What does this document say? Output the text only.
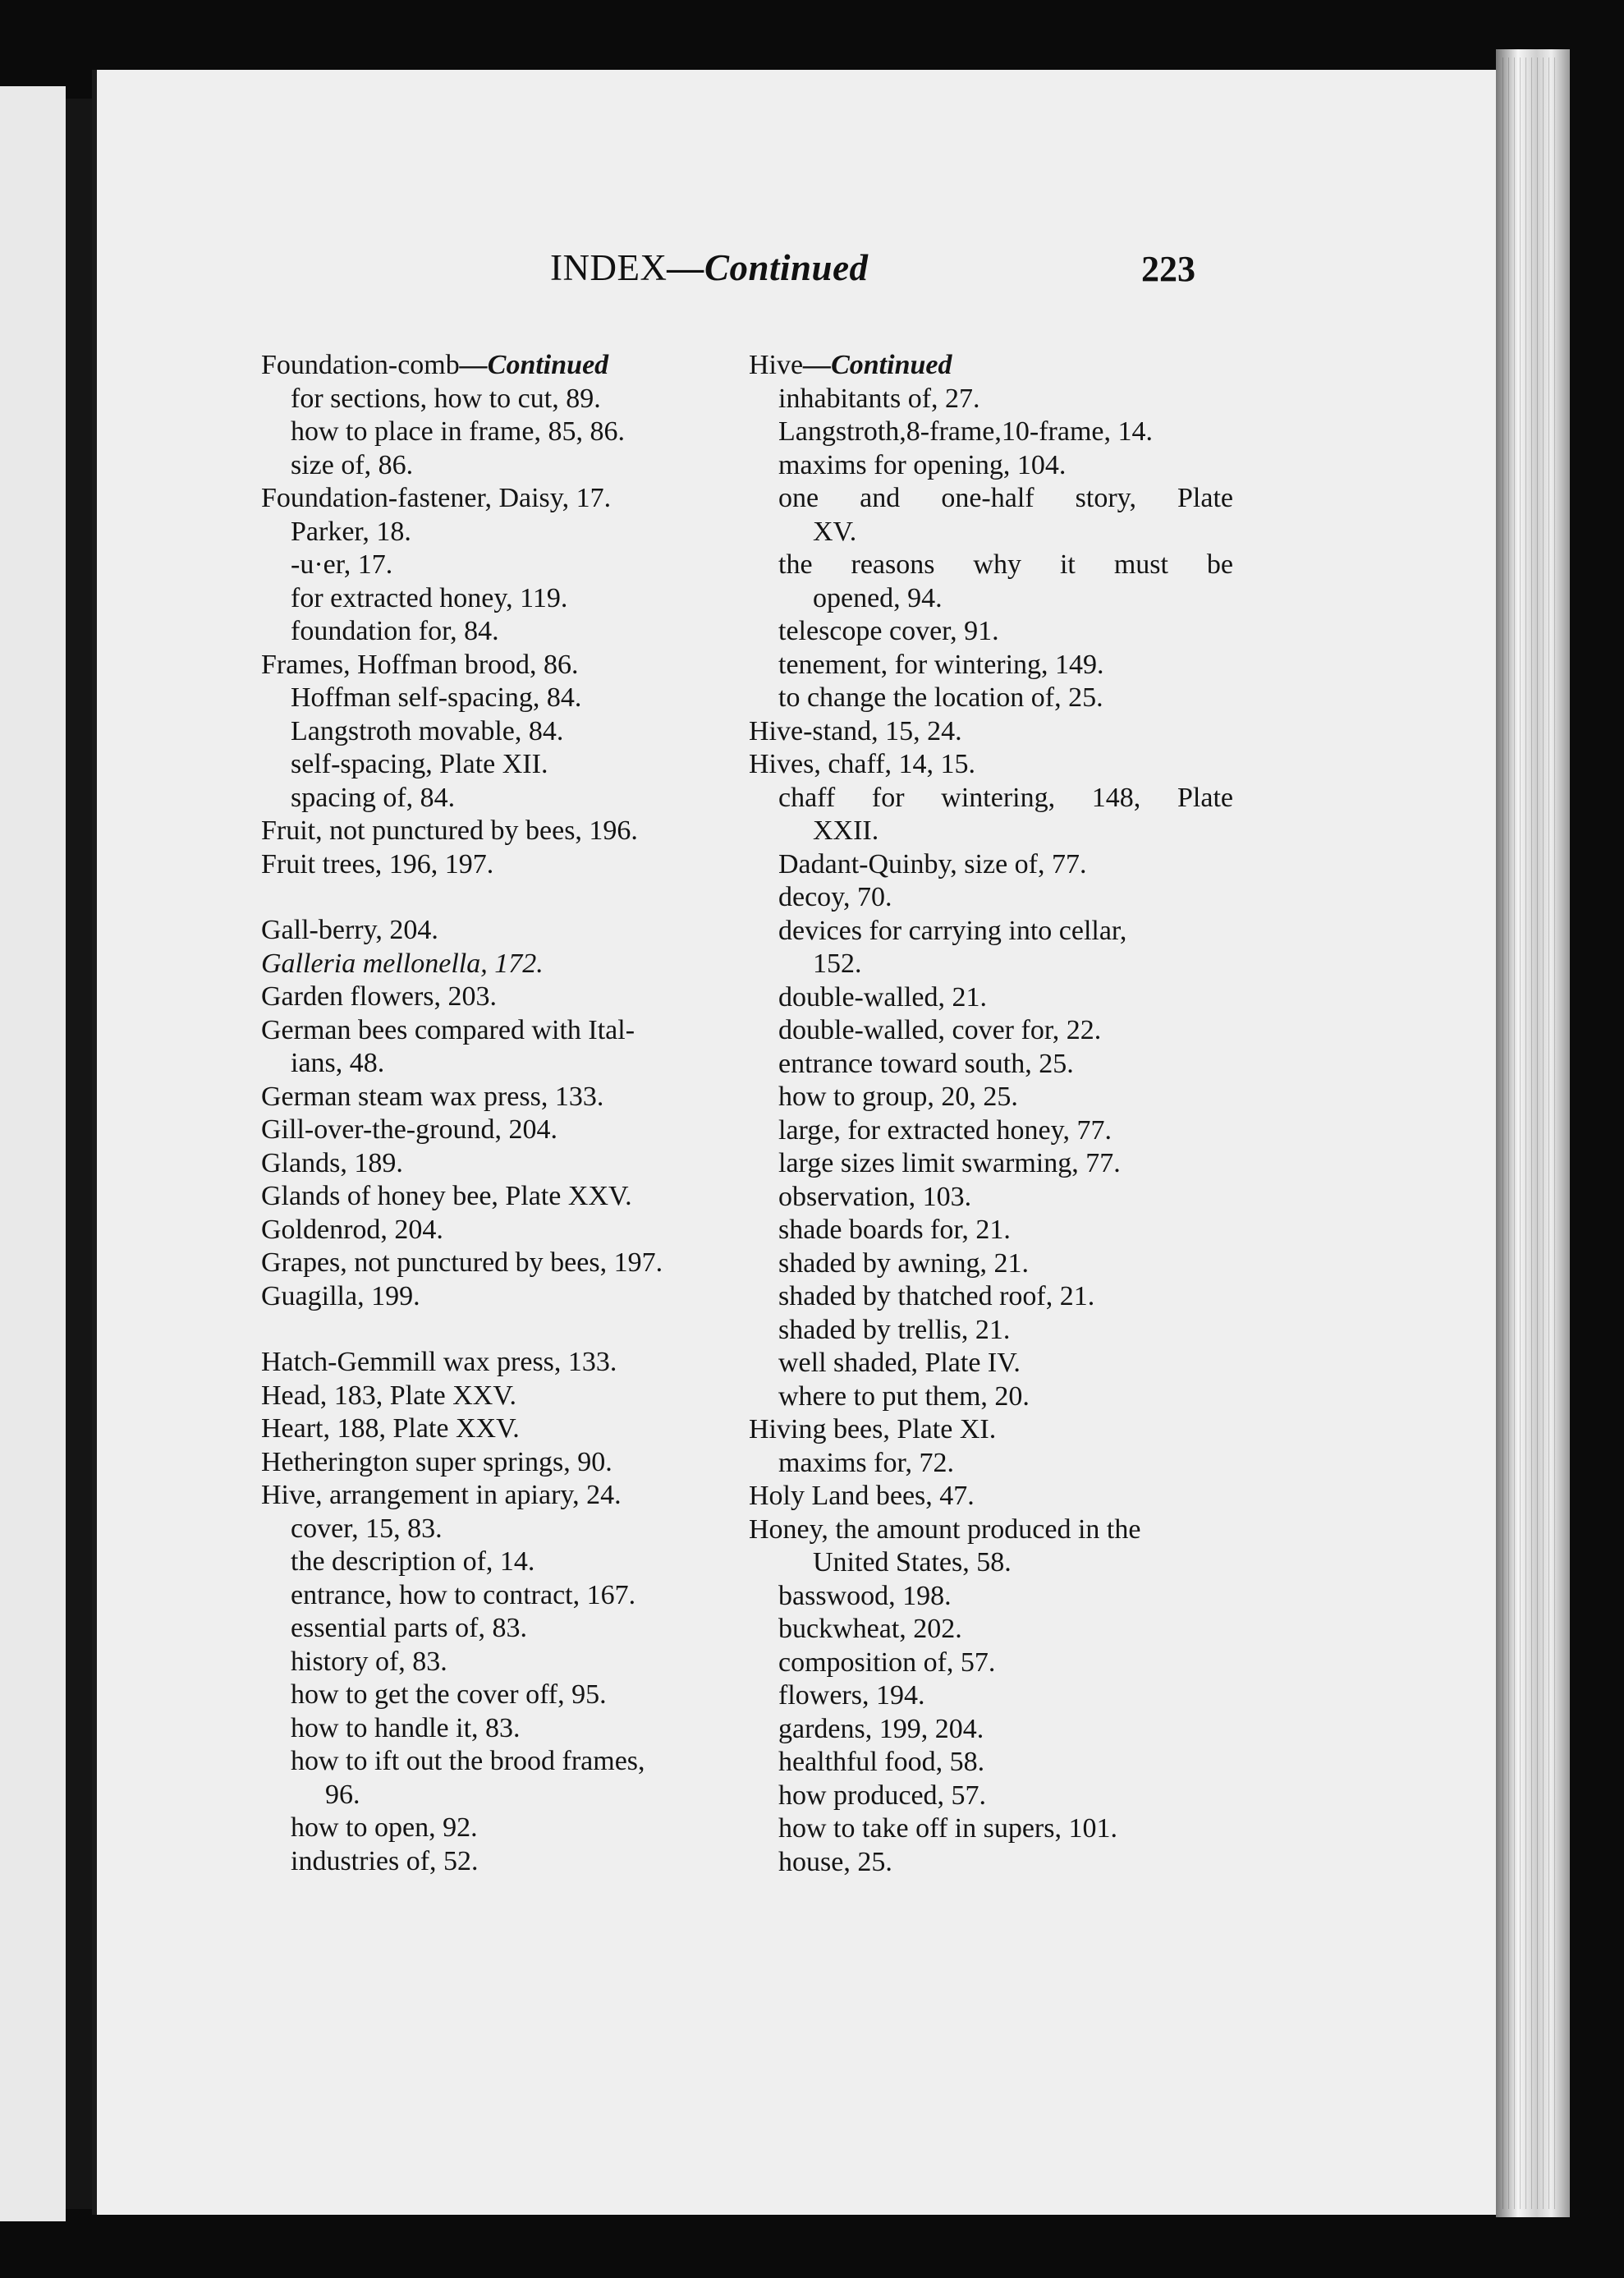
INDEX—Continued	223
Foundation-comb—Continued
for sections, how to cut, 89.
how to place in frame, 85, 86.
size of, 86.
Foundation-fastener, Daisy, 17.
Parker, 18.
-u·er, 17.
for extracted honey, 119.
foundation for, 84.
Frames, Hoffman brood, 86.
Hoffman self-spacing, 84.
Langstroth movable, 84.
self-spacing, Plate XII.
spacing of, 84.
Fruit, not punctured by bees, 196.
Fruit trees, 196, 197.
Gall-berry, 204.
Galleria mellonella, 172.
Garden flowers, 203.
German bees compared with Ital-
ians, 48.
German steam wax press, 133.
Gill-over-the-ground, 204.
Glands, 189.
Glands of honey bee, Plate XXV.
Goldenrod, 204.
Grapes, not punctured by bees, 197.
Guagilla, 199.
Hatch-Gemmill wax press, 133.
Head, 183, Plate XXV.
Heart, 188, Plate XXV.
Hetherington super springs, 90.
Hive, arrangement in apiary, 24.
cover, 15, 83.
the description of, 14.
entrance, how to contract, 167.
essential parts of, 83.
history of, 83.
how to get the cover off, 95.
how to handle it, 83.
how to ift out the brood frames,
96.
how to open, 92.
industries of, 52.
Hive—Continued
inhabitants of, 27.
Langstroth,8-frame,10-frame, 14.
maxims for opening, 104.
one and one-half story, Plate
XV.
the reasons why it must be
opened, 94.
telescope cover, 91.
tenement, for wintering, 149.
to change the location of, 25.
Hive-stand, 15, 24.
Hives, chaff, 14, 15.
chaff for wintering, 148, Plate
XXII.
Dadant-Quinby, size of, 77.
decoy, 70.
devices for carrying into cellar,
152.
double-walled, 21.
double-walled, cover for, 22.
entrance toward south, 25.
how to group, 20, 25.
large, for extracted honey, 77.
large sizes limit swarming, 77.
observation, 103.
shade boards for, 21.
shaded by awning, 21.
shaded by thatched roof, 21.
shaded by trellis, 21.
well shaded, Plate IV.
where to put them, 20.
Hiving bees, Plate XI.
maxims for, 72.
Holy Land bees, 47.
Honey, the amount produced in the
United States, 58.
basswood, 198.
buckwheat, 202.
composition of, 57.
flowers, 194.
gardens, 199, 204.
healthful food, 58.
how produced, 57.
how to take off in supers, 101.
house, 25.
